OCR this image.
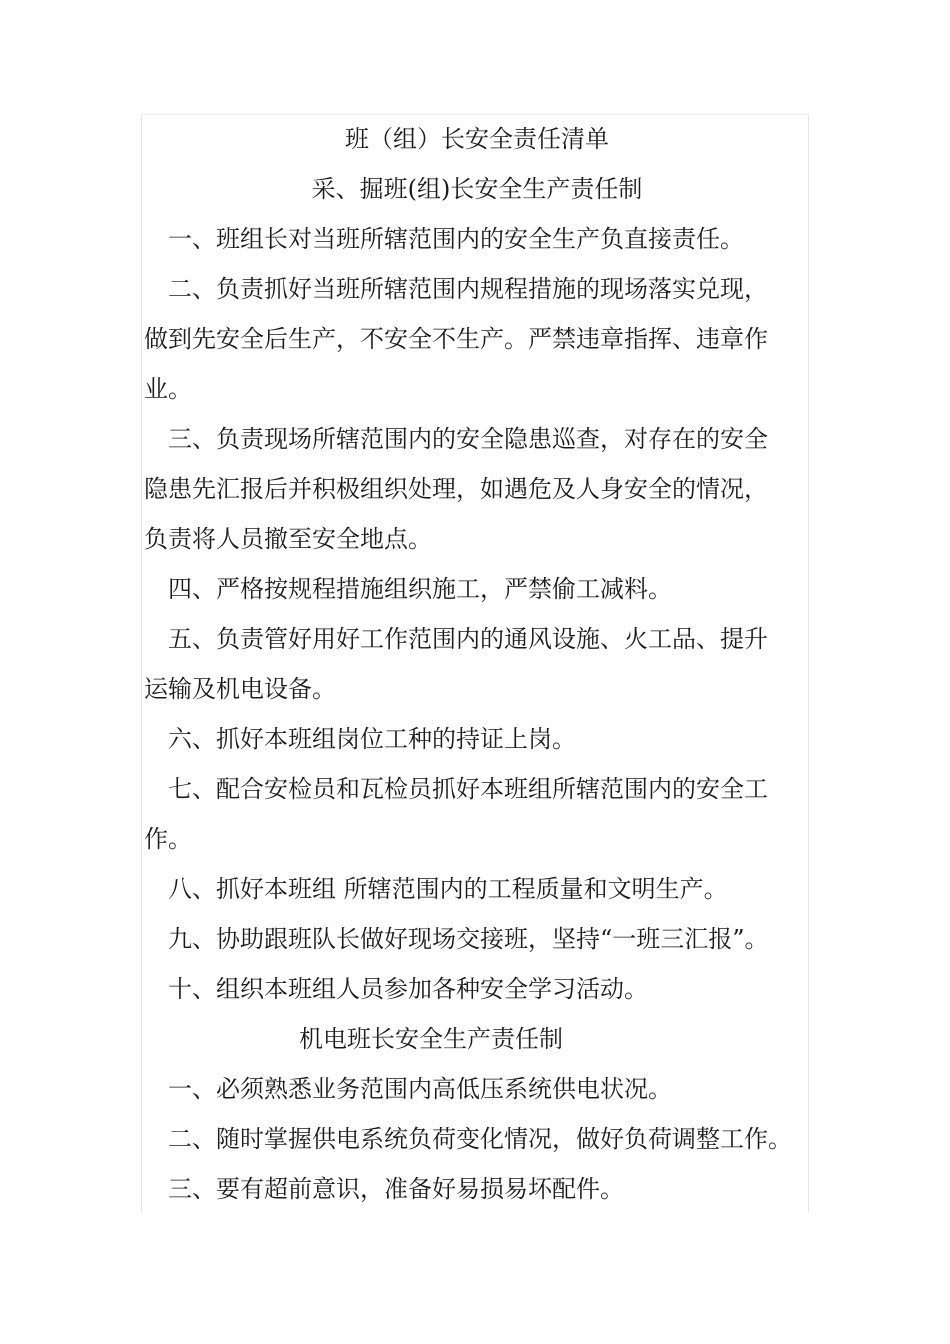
班（组）长安全责任清单
采、掘班(组)长安全生产责任制
一、班组长对当班所辖范围内的安全生产负直接责任。
二、负责抓好当班所辖范围内规程措施的现场落实兑现，
做到先安全后生产，不安全不生产。严禁违章指挥、违章作
业。
三、负责现场所辖范围内的安全隐患巡查，对存在的安全
隐患先汇报后并积极组织处理，如遇危及人身安全的情况，
负责将人员撤至安全地点。
四、严格按规程措施组织施工，严禁偷工减料。
五、负责管好用好工作范围内的通风设施、火工品、提升
运输及机电设备。
六、抓好本班组岗位工种的持证上岗。
七、配合安检员和瓦检员抓好本班组所辖范围内的安全工
作。
八、抓好本班组 所辖范围内的工程质量和文明生产。
九、协助跟班队长做好现场交接班，坚持“一班三汇报”。
十、组织本班组人员参加各种安全学习活动。
机电班长安全生产责任制
一、必须熟悉业务范围内高低压系统供电状况。
二、随时掌握供电系统负荷变化情况，做好负荷调整工作。
三、要有超前意识，准备好易损易坏配件。
